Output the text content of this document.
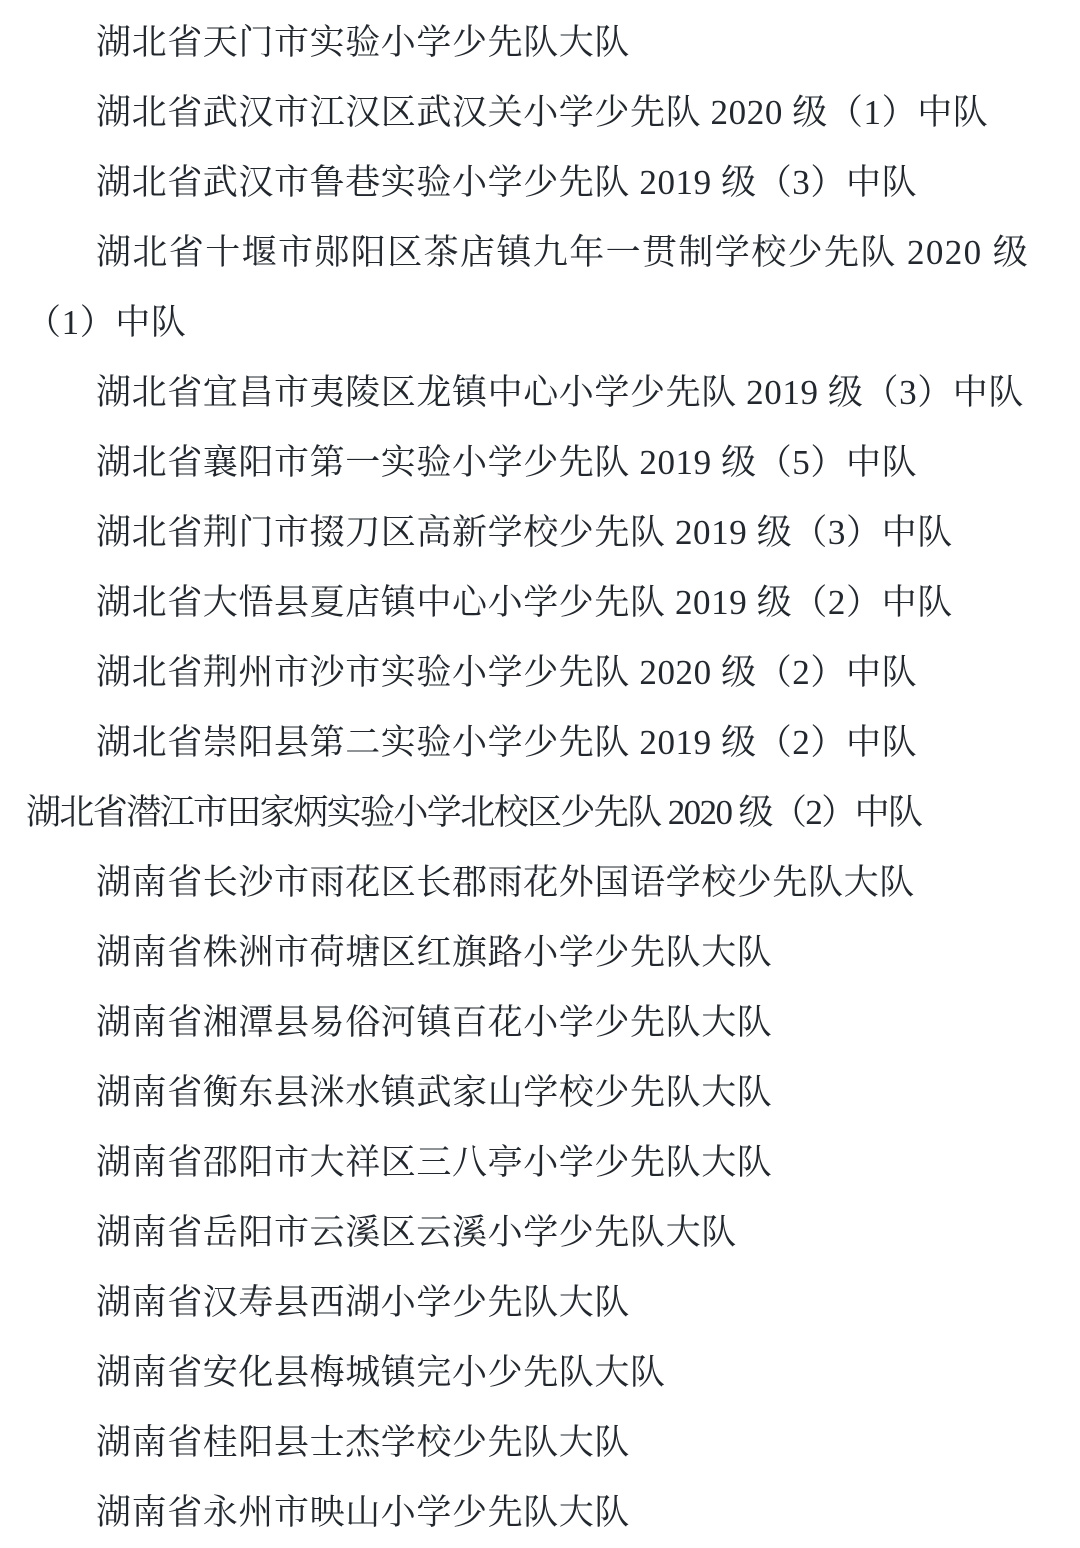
湖北省天门市实验小学少先队大队
湖北省武汉市江汉区武汉关小学少先队 2020 级（1）中队
湖北省武汉市鲁巷实验小学少先队 2019 级（3）中队
湖北省十堰市郧阳区茶店镇九年一贯制学校少先队 2020 级
（1）中队
湖北省宜昌市夷陵区龙镇中心小学少先队 2019 级（3）中队
湖北省襄阳市第一实验小学少先队 2019 级（5）中队
湖北省荆门市掇刀区高新学校少先队 2019 级（3）中队
湖北省大悟县夏店镇中心小学少先队 2019 级（2）中队
湖北省荆州市沙市实验小学少先队 2020 级（2）中队
湖北省崇阳县第二实验小学少先队 2019 级（2）中队
湖北省潜江市田家炳实验小学北校区少先队 2020 级（2）中队
湖南省长沙市雨花区长郡雨花外国语学校少先队大队
湖南省株洲市荷塘区红旗路小学少先队大队
湖南省湘潭县易俗河镇百花小学少先队大队
湖南省衡东县洣水镇武家山学校少先队大队
湖南省邵阳市大祥区三八亭小学少先队大队
湖南省岳阳市云溪区云溪小学少先队大队
湖南省汉寿县西湖小学少先队大队
湖南省安化县梅城镇完小少先队大队
湖南省桂阳县士杰学校少先队大队
湖南省永州市映山小学少先队大队
